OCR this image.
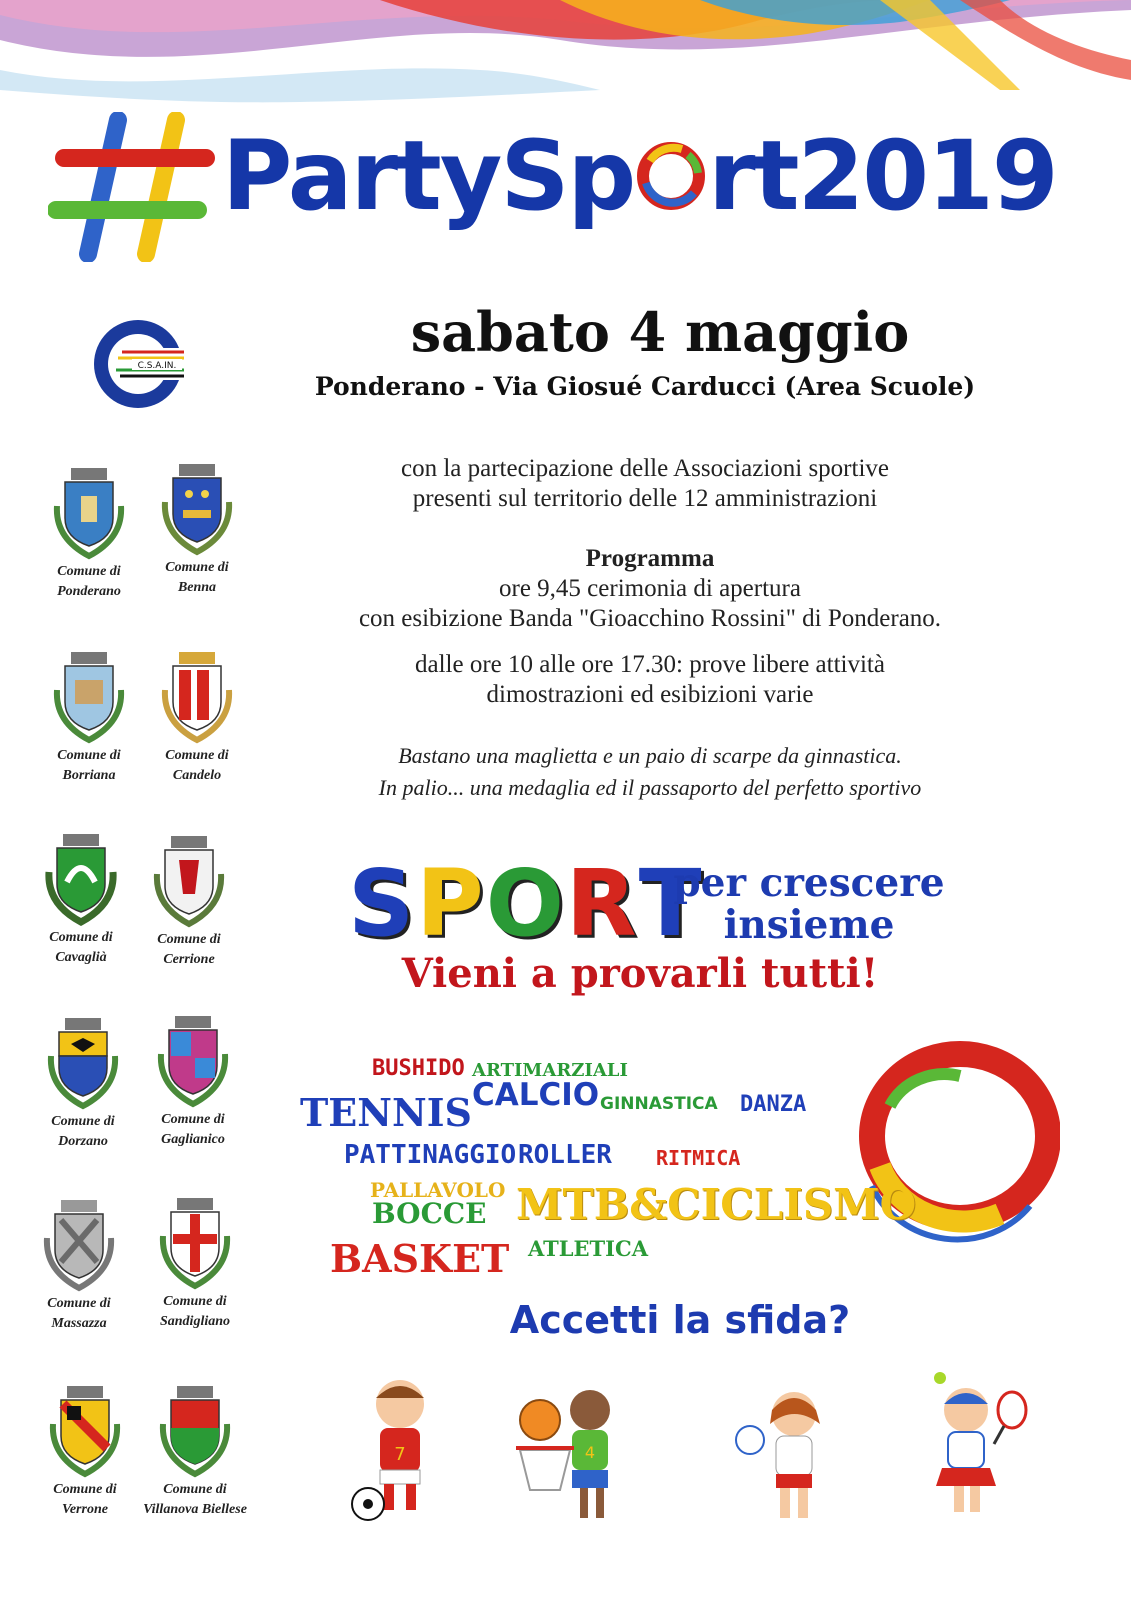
PartySp rt2019
C.S.A.IN.
sabato 4 maggio
Ponderano - Via Giosué Carducci (Area Scuole)
con la partecipazione delle Associazioni sportive
presenti sul territorio delle 12 amministrazioni
Programma
ore 9,45 cerimonia di apertura
con esibizione Banda "Gioacchino Rossini" di Ponderano.
dalle ore 10 alle ore 17.30: prove libere attività
dimostrazioni ed esibizioni varie
Bastano una maglietta e un paio di scarpe da ginnastica.
In palio... una medaglia ed il passaporto del perfetto sportivo
Comune di
Ponderano
Comune di
Benna
Comune di
Borriana
Comune di
Candelo
Comune di
Cavaglià
Comune di
Cerrione
Comune di
Dorzano
Comune di
Gaglianico
Comune di
Massazza
Comune di
Sandigliano
Comune di
Verrone
Comune di
Villanova Biellese
SPORT
per crescere
insieme
Vieni a provarli tutti!
BUSHIDO ARTIMARZIALI
TENNIS CALCIO GINNASTICA DANZA
PATTINAGGIO ROLLER RITMICA
PALLAVOLO
BOCCE MTB&CICLISMO
BASKET ATLETICA
Accetti la sfida?
7	4
